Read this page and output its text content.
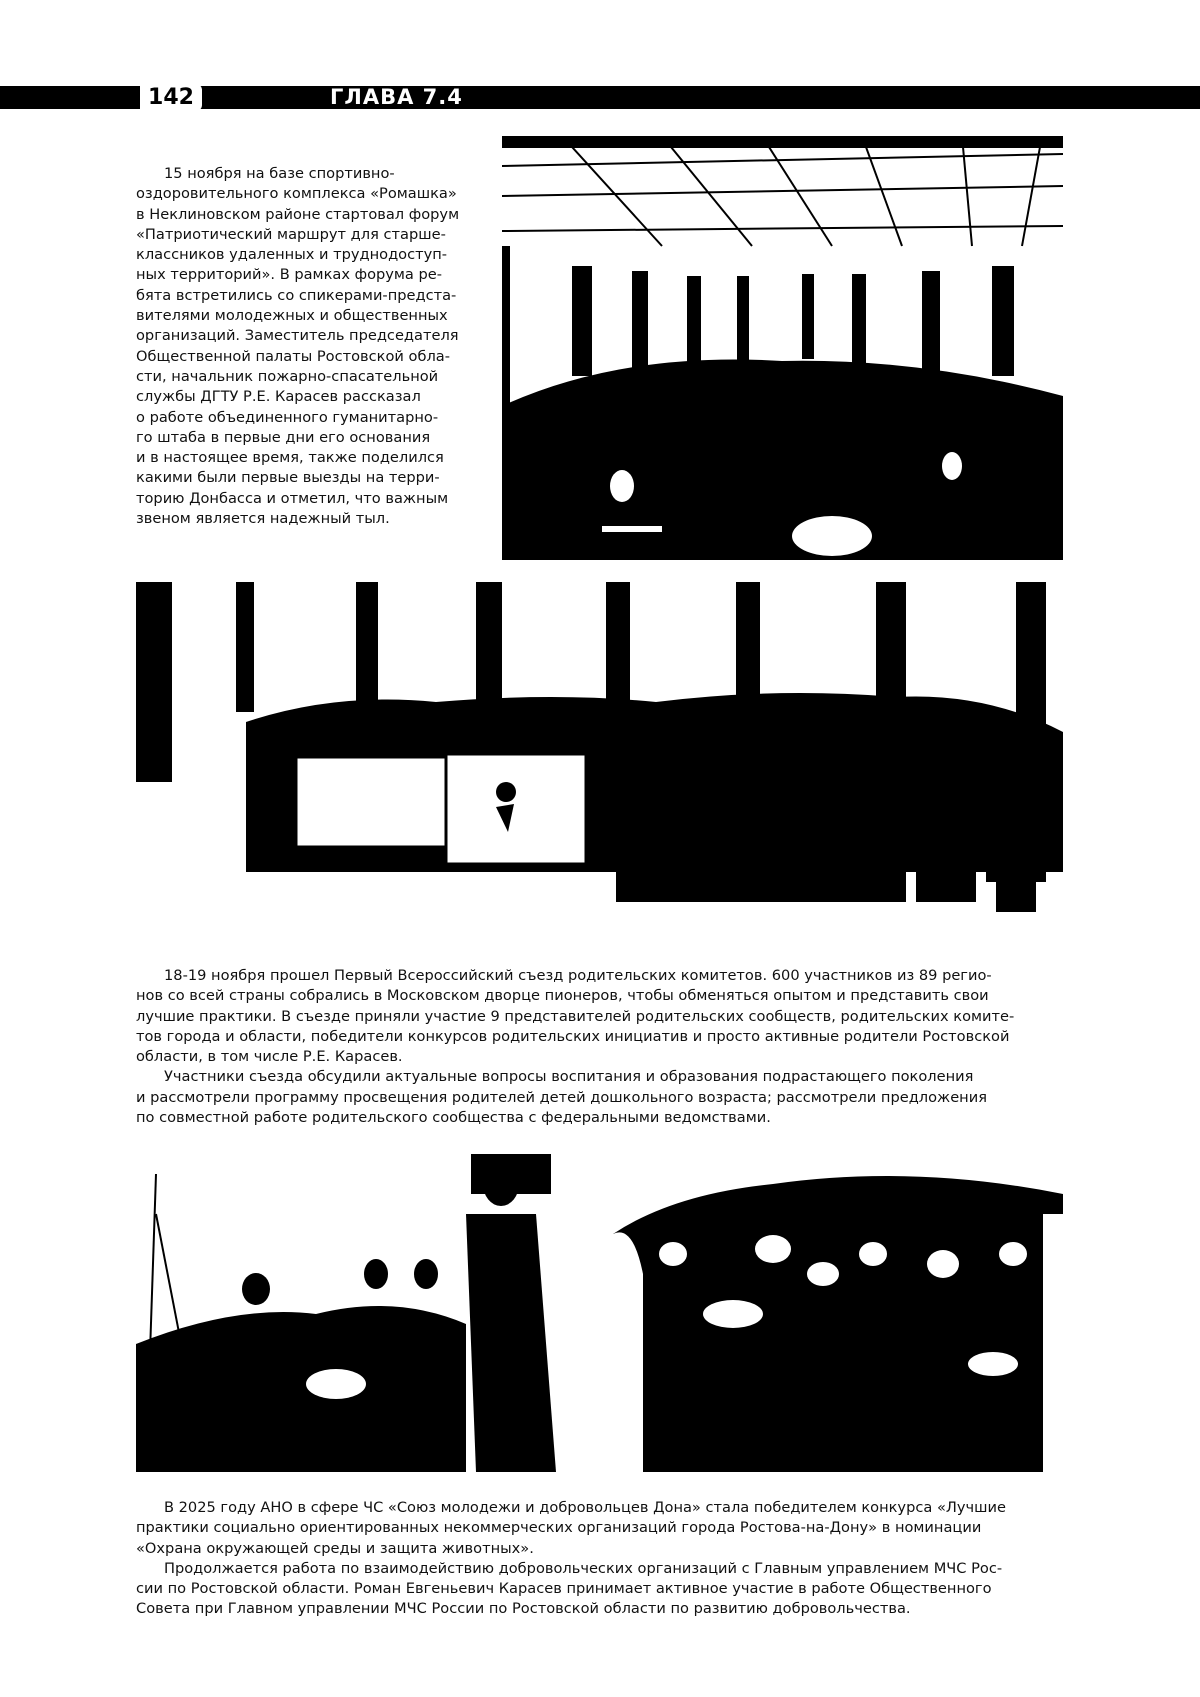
142	ГЛАВА 7.4

15 ноября на базе спортивно-
оздоровительного комплекса «Ромашка»
в Неклиновском районе стартовал форум
«Патриотический маршрут для старше-
классников удаленных и труднодоступ-
ных территорий». В рамках форума ре-
бята встретились со спикерами-предста-
вителями молодежных и общественных
организаций. Заместитель председателя
Общественной палаты Ростовской обла-
сти, начальник пожарно-спасательной
службы ДГТУ Р.Е. Карасев рассказал
о работе объединенного гуманитарно-
го штаба в первые дни его основания
и в настоящее время, также поделился
какими были первые выезды на терри-
торию Донбасса и отметил, что важным
звеном является надежный тыл.

18-19 ноября прошел Первый Всероссийский съезд родительских комитетов. 600 участников из 89 регио-
нов со всей страны собрались в Московском дворце пионеров, чтобы обменяться опытом и представить свои
лучшие практики. В съезде приняли участие 9 представителей родительских сообществ, родительских комите-
тов города и области, победители конкурсов родительских инициатив и просто активные родители Ростовской
области, в том числе Р.Е. Карасев.
Участники съезда обсудили актуальные вопросы воспитания и образования подрастающего поколения
и рассмотрели программу просвещения родителей детей дошкольного возраста; рассмотрели предложения
по совместной работе родительского сообщества с федеральными ведомствами.

В 2025 году АНО в сфере ЧС «Союз молодежи и добровольцев Дона» стала победителем конкурса «Лучшие
практики социально ориентированных некоммерческих организаций города Ростова-на-Дону» в номинации
«Охрана окружающей среды и защита животных».
Продолжается работа по взаимодействию добровольческих организаций с Главным управлением МЧС Рос-
сии по Ростовской области. Роман Евгеньевич Карасев принимает активное участие в работе Общественного
Совета при Главном управлении МЧС России по Ростовской области по развитию добровольчества.
